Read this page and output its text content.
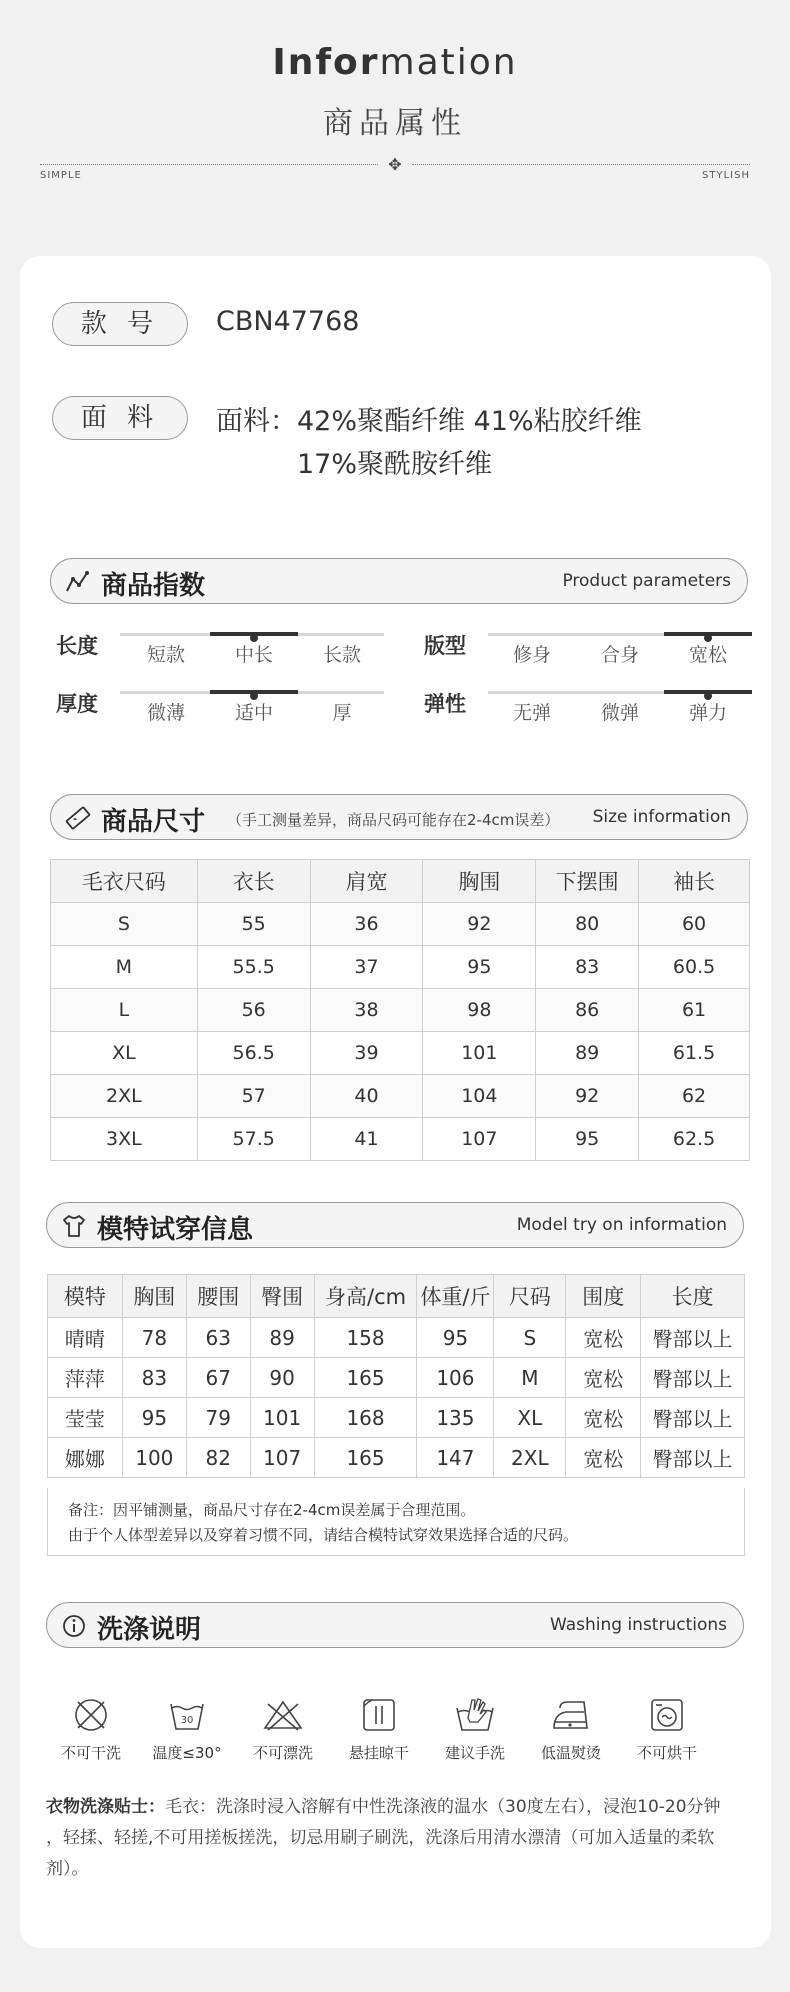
Information
商品属性
✥
SIMPLE	STYLISH
款 号	CBN47768
面 料	面料：42%聚酯纤维 41%粘胶纤维
17%聚酰胺纤维
商品指数	Product parameters
长度	短款	中长	长款	版型	修身	合身	宽松
厚度	微薄	适中	厚	弹性	无弹	微弹	弹力
商品尺寸 （手工测量差异，商品尺码可能存在2-4cm误差） Size information
毛衣尺码	衣长	肩宽	胸围	下摆围	袖长
S	55	36	92	80	60
M	55.5	37	95	83	60.5
L	56	38	98	86	61
XL	56.5	39	101	89	61.5
2XL	57	40	104	92	62
3XL	57.5	41	107	95	62.5
模特试穿信息	Model try on information
模特	胸围	腰围	臀围	身高/cm	体重/斤	尺码	围度	长度
晴晴	78	63	89	158	95	S	宽松	臀部以上
萍萍	83	67	90	165	106	M	宽松	臀部以上
莹莹	95	79	101	168	135	XL	宽松	臀部以上
娜娜	100	82	107	165	147	2XL	宽松	臀部以上
备注：因平铺测量，商品尺寸存在2-4cm误差属于合理范围。
由于个人体型差异以及穿着习惯不同，请结合模特试穿效果选择合适的尺码。
洗涤说明	Washing instructions
不可干洗
30
温度≤30°	不可漂洗	悬挂晾干	建议手洗	低温熨烫	不可烘干
衣物洗涤贴士：毛衣：洗涤时浸入溶解有中性洗涤液的温水（30度左右），浸泡10-20分钟
，轻揉、轻搓,不可用搓板搓洗，切忌用刷子刷洗，洗涤后用清水漂清（可加入适量的柔软
剂）。
